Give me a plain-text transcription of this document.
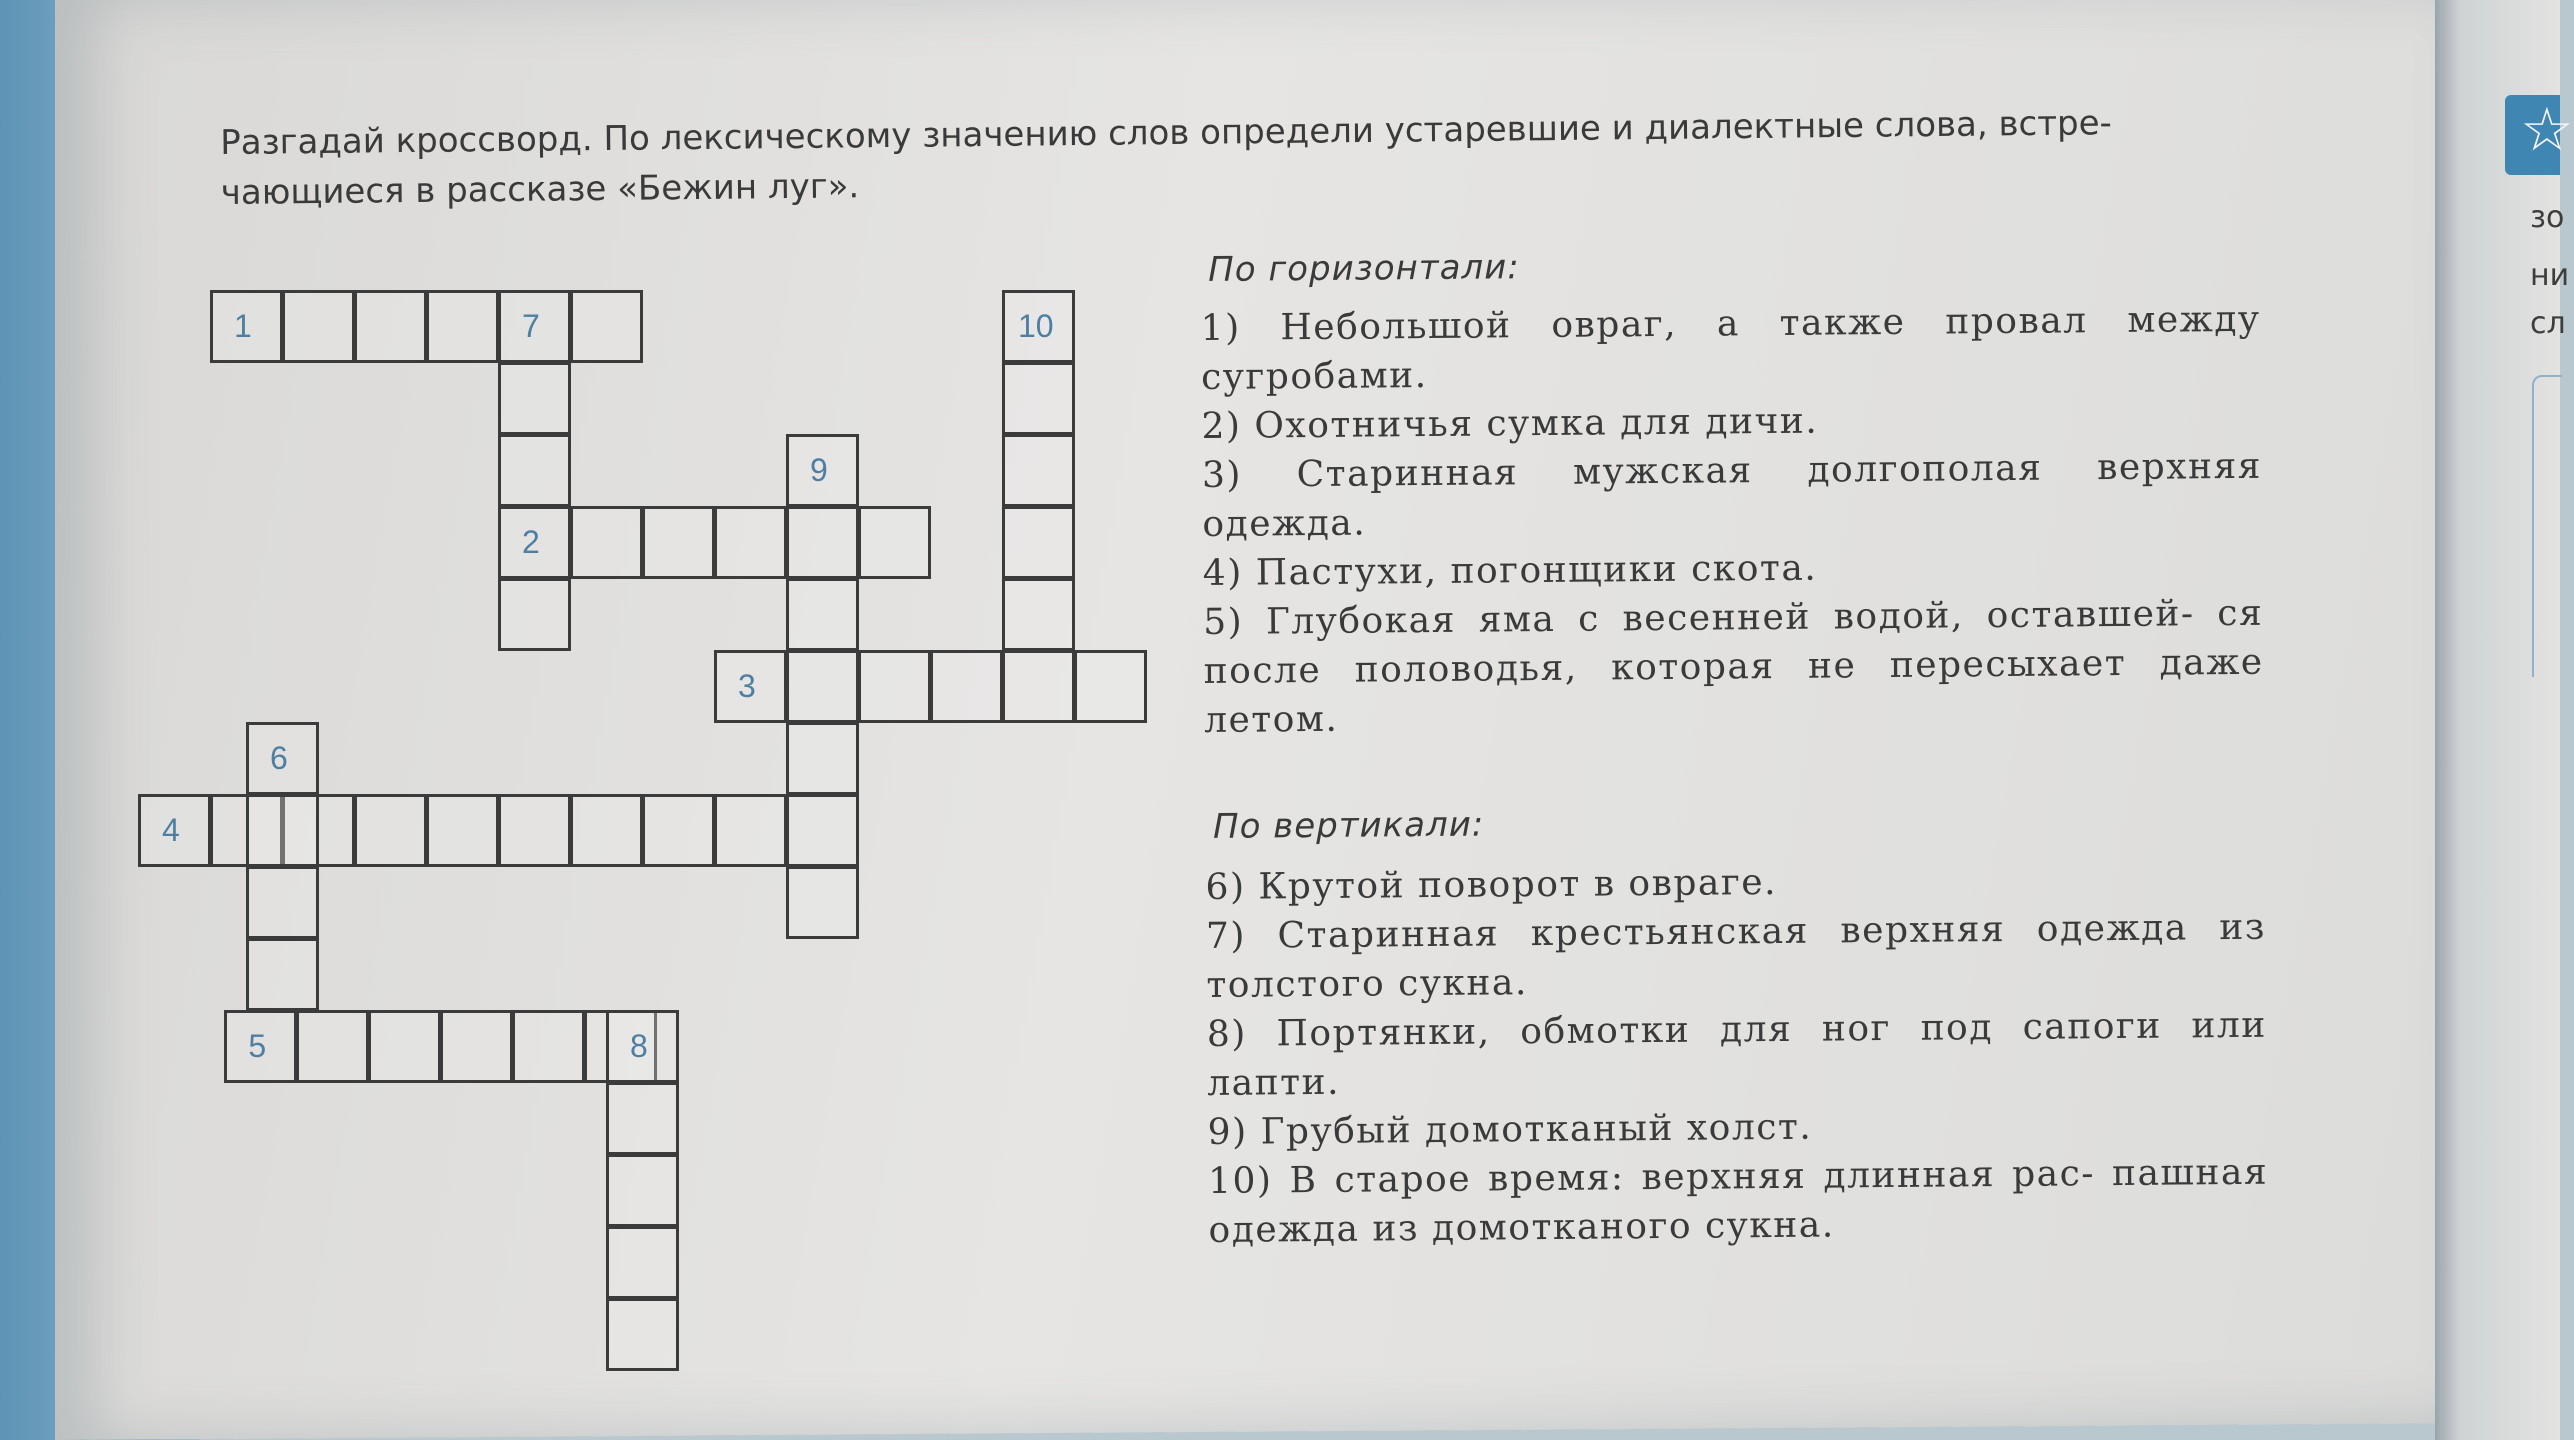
☆
зо
ни
сл
Разгадай кроссворд. По лексическому значению слов определи устаревшие и диалектные слова, встре-
чающиеся в рассказе «Бежин луг».
1
2
3
4
5
6
7
8
9
10
По горизонтали:
1) Небольшой овраг, а также провал между сугробами.
2) Охотничья сумка для дичи.
3) Старинная мужская долгополая верхняя одежда.
4) Пастухи, погонщики скота.
5) Глубокая яма с весенней водой, оставшей- ся после половодья, которая не пересыхает даже летом.
По вертикали:
6) Крутой поворот в овраге.
7) Старинная крестьянская верхняя одежда из толстого сукна.
8) Портянки, обмотки для ног под сапоги или лапти.
9) Грубый домотканый холст.
10) В старое время: верхняя длинная рас- пашная одежда из домотканого сукна.
